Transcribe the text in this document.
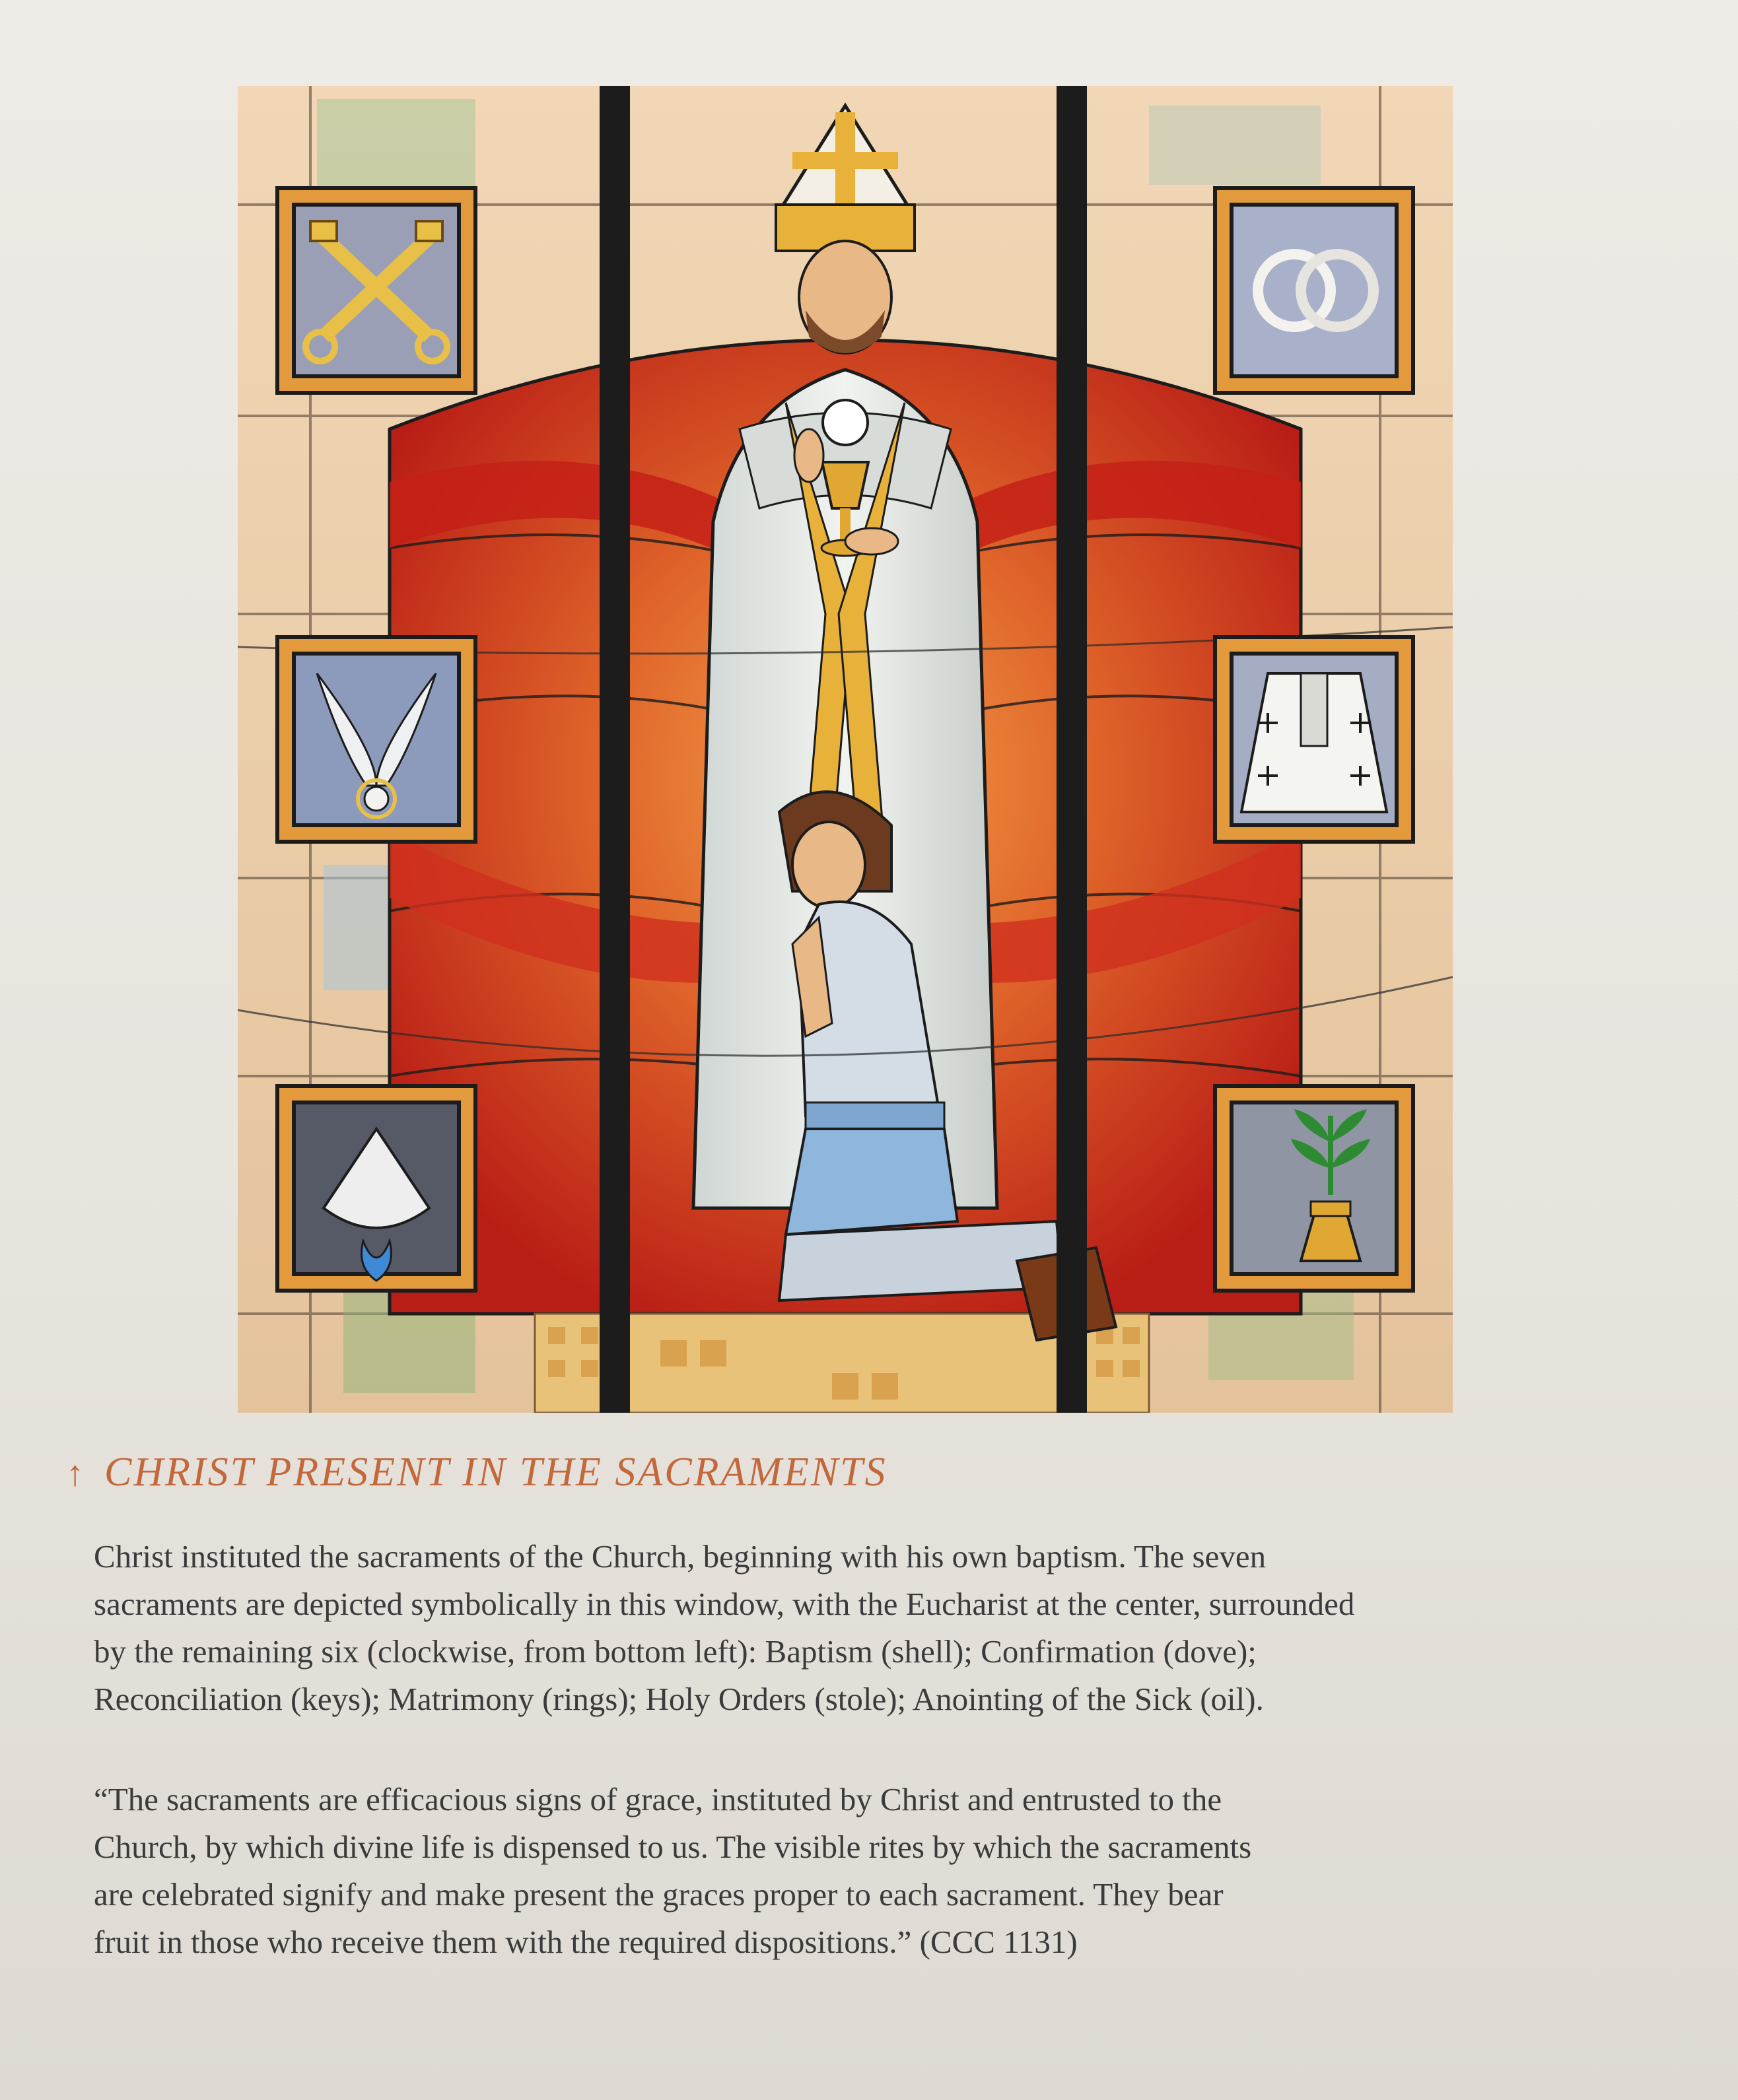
↑ CHRIST PRESENT IN THE SACRAMENTS
Christ instituted the sacraments of the Church, beginning with his own baptism. The seven
sacraments are depicted symbolically in this window, with the Eucharist at the center, surrounded
by the remaining six (clockwise, from bottom left): Baptism (shell); Confirmation (dove);
Reconciliation (keys); Matrimony (rings); Holy Orders (stole); Anointing of the Sick (oil).
“The sacraments are efficacious signs of grace, instituted by Christ and entrusted to the
Church, by which divine life is dispensed to us. The visible rites by which the sacraments
are celebrated signify and make present the graces proper to each sacrament. They bear
fruit in those who receive them with the required dispositions.” (CCC 1131)
